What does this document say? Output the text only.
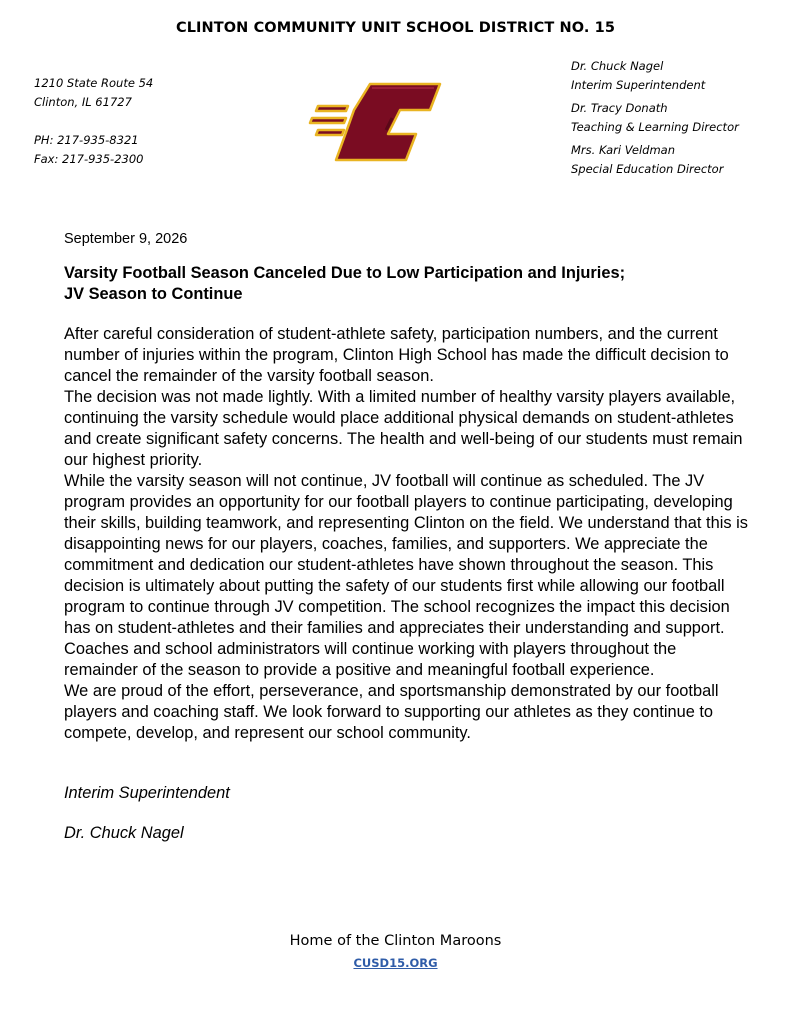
CLINTON COMMUNITY UNIT SCHOOL DISTRICT NO. 15
1210 State Route 54
Clinton, IL 61727
PH: 217-935-8321
Fax: 217-935-2300
Dr. Chuck Nagel
Interim Superintendent
Dr. Tracy Donath
Teaching & Learning Director
Mrs. Kari Veldman
Special Education Director
September 9, 2026
Varsity Football Season Canceled Due to Low Participation and Injuries;
JV Season to Continue

After careful consideration of student-athlete safety, participation numbers, and the current number of injuries within the program, Clinton High School has made the difficult decision to cancel the remainder of the varsity football season.

The decision was not made lightly. With a limited number of healthy varsity players available, continuing the varsity schedule would place additional physical demands on student-athletes and create significant safety concerns. The health and well-being of our students must remain our highest priority.

While the varsity season will not continue, JV football will continue as scheduled. The JV program provides an opportunity for our football players to continue participating, developing their skills, building teamwork, and representing Clinton on the field. We understand that this is disappointing news for our players, coaches, families, and supporters. We appreciate the commitment and dedication our student-athletes have shown throughout the season. This decision is ultimately about putting the safety of our students first while allowing our football program to continue through JV competition. The school recognizes the impact this decision has on student-athletes and their families and appreciates their understanding and support. Coaches and school administrators will continue working with players throughout the remainder of the season to provide a positive and meaningful football experience.

We are proud of the effort, perseverance, and sportsmanship demonstrated by our football players and coaching staff. We look forward to supporting our athletes as they continue to compete, develop, and represent our school community.

Interim Superintendent
Dr. Chuck Nagel
Home of the Clinton Maroons
CUSD15.ORG
